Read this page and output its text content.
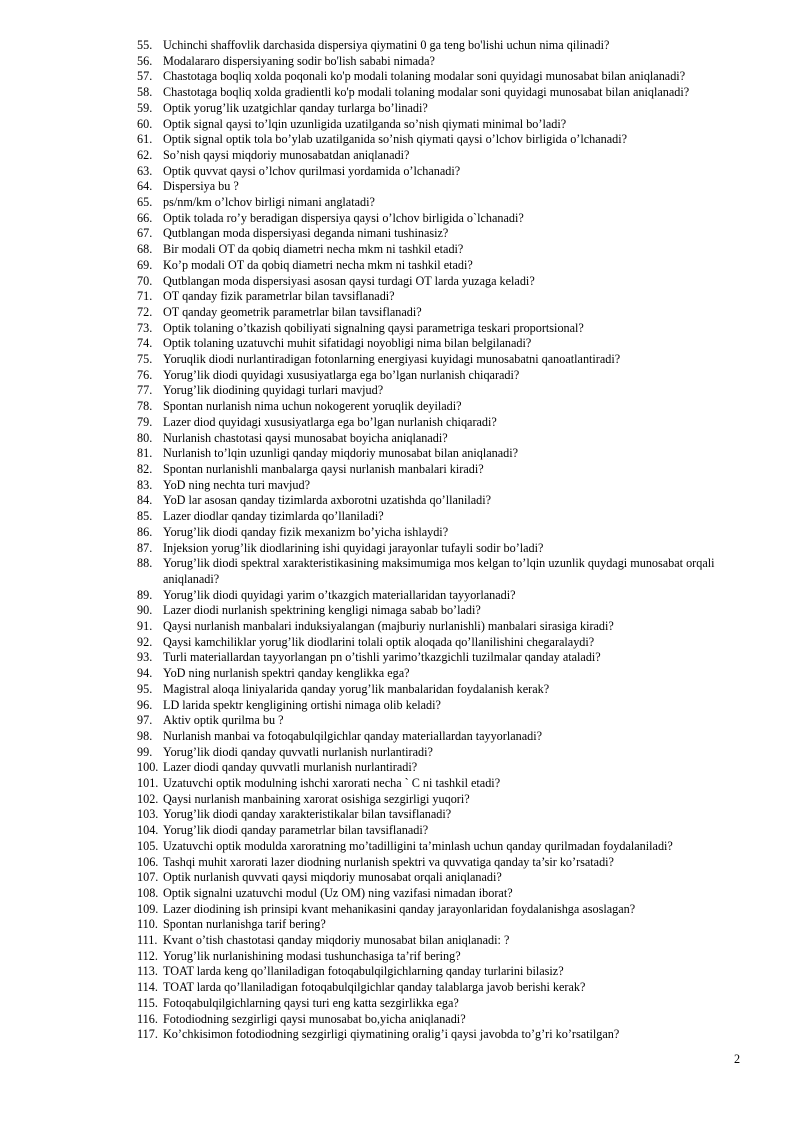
55. Uchinchi shaffovlik darchasida dispersiya qiymatini 0 ga teng bo'lishi uchun nima qilinadi?
56. Modalararo dispersiyaning sodir bo'lish sababi nimada?
57. Chastotaga boqliq xolda poqonali ko'p modali tolaning modalar soni quyidagi munosabat bilan aniqlanadi?
58. Chastotaga boqliq xolda gradientli ko'p modali tolaning modalar soni quyidagi munosabat bilan aniqlanadi?
59. Optik yorug’lik uzatgichlar qanday turlarga bo’linadi?
60. Optik signal qaysi to’lqin uzunligida uzatilganda so’nish qiymati minimal bo’ladi?
61. Optik signal optik tola bo’ylab uzatilganida so’nish qiymati qaysi o’lchov birligida o’lchanadi?
62. So’nish qaysi miqdoriy munosabatdan aniqlanadi?
63. Optik quvvat qaysi o’lchov qurilmasi yordamida o’lchanadi?
64. Dispersiya bu ?
65. ps/nm/km o’lchov birligi nimani anglatadi?
66. Optik tolada ro’y beradigan dispersiya qaysi o’lchov birligida o`lchanadi?
67. Qutblangan moda dispersiyasi deganda nimani tushinasiz?
68. Bir modali OT da qobiq diametri necha mkm ni tashkil etadi?
69. Ko’p modali OT da qobiq diametri necha mkm ni tashkil etadi?
70. Qutblangan moda dispersiyasi asosan qaysi turdagi OT larda yuzaga keladi?
71. OT qanday fizik parametrlar bilan tavsiflanadi?
72. OT qanday geometrik parametrlar bilan tavsiflanadi?
73. Optik tolaning o’tkazish qobiliyati signalning qaysi parametriga teskari proportsional?
74. Optik tolaning uzatuvchi muhit sifatidagi noyobligi nima bilan belgilanadi?
75. Yoruqlik diodi nurlantiradigan fotonlarning energiyasi kuyidagi munosabatni qanoatlantiradi?
76. Yorug’lik diodi quyidagi xususiyatlarga ega bo’lgan nurlanish chiqaradi?
77. Yorug’lik diodining quyidagi turlari mavjud?
78. Spontan nurlanish nima uchun nokogerent yoruqlik deyiladi?
79. Lazer diod quyidagi xususiyatlarga ega bo’lgan nurlanish chiqaradi?
80. Nurlanish chastotasi qaysi munosabat boyicha aniqlanadi?
81. Nurlanish to’lqin uzunligi qanday miqdoriy munosabat bilan aniqlanadi?
82. Spontan nurlanishli manbalarga qaysi nurlanish manbalari kiradi?
83. YoD ning nechta turi mavjud?
84. YoD lar asosan qanday tizimlarda axborotni uzatishda qo’llaniladi?
85. Lazer diodlar qanday tizimlarda qo’llaniladi?
86. Yorug’lik diodi qanday fizik mexanizm bo’yicha ishlaydi?
87. Injeksion yorug’lik diodlarining ishi quyidagi jarayonlar tufayli sodir bo’ladi?
88. Yorug’lik diodi spektral xarakteristikasining maksimumiga mos kelgan to’lqin uzunlik quydagi munosabat orqali aniqlanadi?
89. Yorug’lik diodi quyidagi yarim o’tkazgich materiallaridan tayyorlanadi?
90. Lazer diodi nurlanish spektrining kengligi nimaga sabab bo’ladi?
91. Qaysi nurlanish manbalari induksiyalangan (majburiy nurlanishli) manbalari sirasiga kiradi?
92. Qaysi kamchiliklar yorug’lik diodlarini tolali optik aloqada qo’llanilishini chegaralaydi?
93. Turli materiallardan tayyorlangan pn o’tishli yarimo’tkazgichli tuzilmalar qanday ataladi?
94. YoD ning nurlanish spektri qanday kenglikka ega?
95. Magistral aloqa liniyalarida qanday yorug’lik manbalaridan foydalanish kerak?
96. LD larida spektr kengligining ortishi nimaga olib keladi?
97. Aktiv optik qurilma bu ?
98. Nurlanish manbai va fotoqabulqilgichlar qanday materiallardan tayyorlanadi?
99. Yorug’lik diodi qanday quvvatli nurlanish nurlantiradi?
100. Lazer diodi qanday quvvatli murlanish nurlantiradi?
101. Uzatuvchi optik modulning ishchi xarorati necha ` C ni tashkil etadi?
102. Qaysi nurlanish manbaining xarorat osishiga sezgirligi yuqori?
103. Yorug’lik diodi qanday xarakteristikalar bilan tavsiflanadi?
104. Yorug’lik diodi qanday parametrlar bilan tavsiflanadi?
105. Uzatuvchi optik modulda xaroratning mo’tadilligini ta’minlash uchun qanday qurilmadan foydalaniladi?
106. Tashqi muhit xarorati lazer diodning nurlanish spektri va quvvatiga qanday ta’sir ko’rsatadi?
107. Optik nurlanish quvvati qaysi miqdoriy munosabat orqali aniqlanadi?
108. Optik signalni uzatuvchi modul (Uz OM) ning vazifasi nimadan iborat?
109. Lazer diodining ish prinsipi kvant mehanikasini qanday jarayonlaridan foydalanishga asoslagan?
110. Spontan nurlanishga tarif bering?
111. Kvant o’tish chastotasi qanday miqdoriy munosabat bilan aniqlanadi: ?
112. Yorug’lik nurlanishining modasi tushunchasiga ta’rif bering?
113. TOAT larda keng qo’llaniladigan fotoqabulqilgichlarning qanday turlarini bilasiz?
114. TOAT larda qo’llaniladigan fotoqabulqilgichlar qanday talablarga javob berishi kerak?
115. Fotoqabulqilgichlarning qaysi turi eng katta sezgirlikka ega?
116. Fotodiodning sezgirligi qaysi munosabat bo,yicha aniqlanadi?
117. Ko’chkisimon fotodiodning sezgirligi qiymatining oralig’i qaysi javobda to’g’ri ko’rsatilgan?
2
